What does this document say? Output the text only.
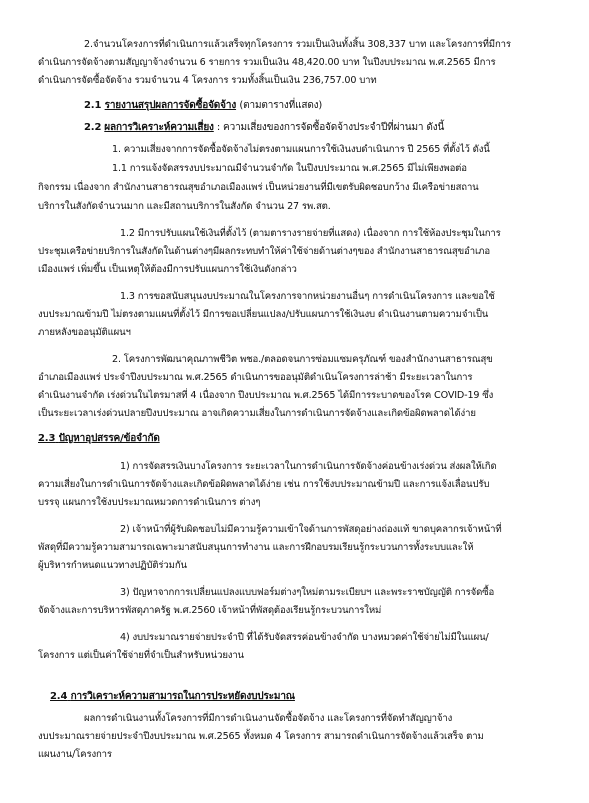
2.จำนวนโครงการที่ดำเนินการแล้วเสร็จทุกโครงการ รวมเป็นเงินทั้งสิ้น 308,337 บาท และโครงการที่มีการ
ดำเนินการจัดจ้างตามสัญญาจ้างจำนวน 6 รายการ รวมเป็นเงิน 48,420.00 บาท ในปีงบประมาณ พ.ศ.2565 มีการ
ดำเนินการจัดซื้อจัดจ้าง รวมจำนวน 4 โครงการ รวมทั้งสิ้นเป็นเงิน 236,757.00 บาท
2.1 รายงานสรุปผลการจัดซื้อจัดจ้าง (ตามตารางที่แสดง)
2.2 ผลการวิเคราะห์ความเสี่ยง : ความเสี่ยงของการจัดซื้อจัดจ้างประจำปีที่ผ่านมา ดังนี้
1. ความเสี่ยงจากการจัดซื้อจัดจ้างไม่ตรงตามแผนการใช้เงินงบดำเนินการ ปี 2565 ที่ตั้งไว้ ดังนี้
1.1 การแจ้งจัดสรรงบประมาณมีจำนวนจำกัด ในปีงบประมาณ พ.ศ.2565 มีไม่เพียงพอต่อ
กิจกรรม เนื่องจาก สำนักงานสาธารณสุขอำเภอเมืองแพร่ เป็นหน่วยงานที่มีเขตรับผิดชอบกว้าง มีเครือข่ายสถาน
บริการในสังกัดจำนวนมาก และมีสถานบริการในสังกัด จำนวน 27 รพ.สต.
1.2 มีการปรับแผนใช้เงินที่ตั้งไว้ (ตามตารางรายจ่ายที่แสดง) เนื่องจาก การใช้ห้องประชุมในการ
ประชุมเครือข่ายบริการในสังกัดในด้านต่างๆมีผลกระทบทำให้ค่าใช้จ่ายด้านต่างๆของ สำนักงานสาธารณสุขอำเภอ
เมืองแพร่ เพิ่มขึ้น เป็นเหตุให้ต้องมีการปรับแผนการใช้เงินดังกล่าว
1.3 การขอสนับสนุนงบประมาณในโครงการจากหน่วยงานอื่นๆ การดำเนินโครงการ และขอใช้
งบประมาณข้ามปี ไม่ตรงตามแผนที่ตั้งไว้ มีการขอเปลี่ยนแปลง/ปรับแผนการใช้เงินงบ ดำเนินงานตามความจำเป็น
ภายหลังขออนุมัติแผนฯ
2. โครงการพัฒนาคุณภาพชีวิต พชอ./ตลอดจนการซ่อมแซมครุภัณฑ์ ของสำนักงานสาธารณสุข
อำเภอเมืองแพร่ ประจำปีงบประมาณ พ.ศ.2565 ดำเนินการขออนุมัติดำเนินโครงการล่าช้า มีระยะเวลาในการ
ดำเนินงานจำกัด เร่งด่วนในไตรมาสที่ 4 เนื่องจาก ปีงบประมาณ พ.ศ.2565 ได้มีการระบาดของโรค COVID-19 ซึ่ง
เป็นระยะเวลาเร่งด่วนปลายปีงบประมาณ อาจเกิดความเสี่ยงในการดำเนินการจัดจ้างและเกิดข้อผิดพลาดได้ง่าย
2.3 ปัญหาอุปสรรค/ข้อจำกัด
1) การจัดสรรเงินบางโครงการ ระยะเวลาในการดำเนินการจัดจ้างค่อนข้างเร่งด่วน ส่งผลให้เกิด
ความเสี่ยงในการดำเนินการจัดจ้างและเกิดข้อผิดพลาดได้ง่าย เช่น การใช้งบประมาณข้ามปี และการแจ้งเลื่อนปรับ
บรรจุ แผนการใช้งบประมาณหมวดการดำเนินการ ต่างๆ
2) เจ้าหน้าที่ผู้รับผิดชอบไม่มีความรู้ความเข้าใจด้านการพัสดุอย่างถ่องแท้ ขาดบุคลากรเจ้าหน้าที่
พัสดุที่มีความรู้ความสามารถเฉพาะมาสนับสนุนการทำงาน และการฝึกอบรมเรียนรู้กระบวนการทั้งระบบและให้
ผู้บริหารกำหนดแนวทางปฏิบัติร่วมกัน
3) ปัญหาจากการเปลี่ยนแปลงแบบฟอร์มต่างๆใหม่ตามระเบียบฯ และพระราชบัญญัติ การจัดซื้อ
จัดจ้างและการบริหารพัสดุภาครัฐ พ.ศ.2560 เจ้าหน้าที่พัสดุต้องเรียนรู้กระบวนการใหม่
4) งบประมาณรายจ่ายประจำปี ที่ได้รับจัดสรรค่อนข้างจำกัด บางหมวดค่าใช้จ่ายไม่มีในแผน/
โครงการ แต่เป็นค่าใช้จ่ายที่จำเป็นสำหรับหน่วยงาน
2.4 การวิเคราะห์ความสามารถในการประหยัดงบประมาณ
ผลการดำเนินงานทั้งโครงการที่มีการดำเนินงานจัดซื้อจัดจ้าง และโครงการที่จัดทำสัญญาจ้าง
งบประมาณรายจ่ายประจำปีงบประมาณ พ.ศ.2565 ทั้งหมด 4 โครงการ สามารถดำเนินการจัดจ้างแล้วเสร็จ ตาม
แผนงาน/โครงการ
